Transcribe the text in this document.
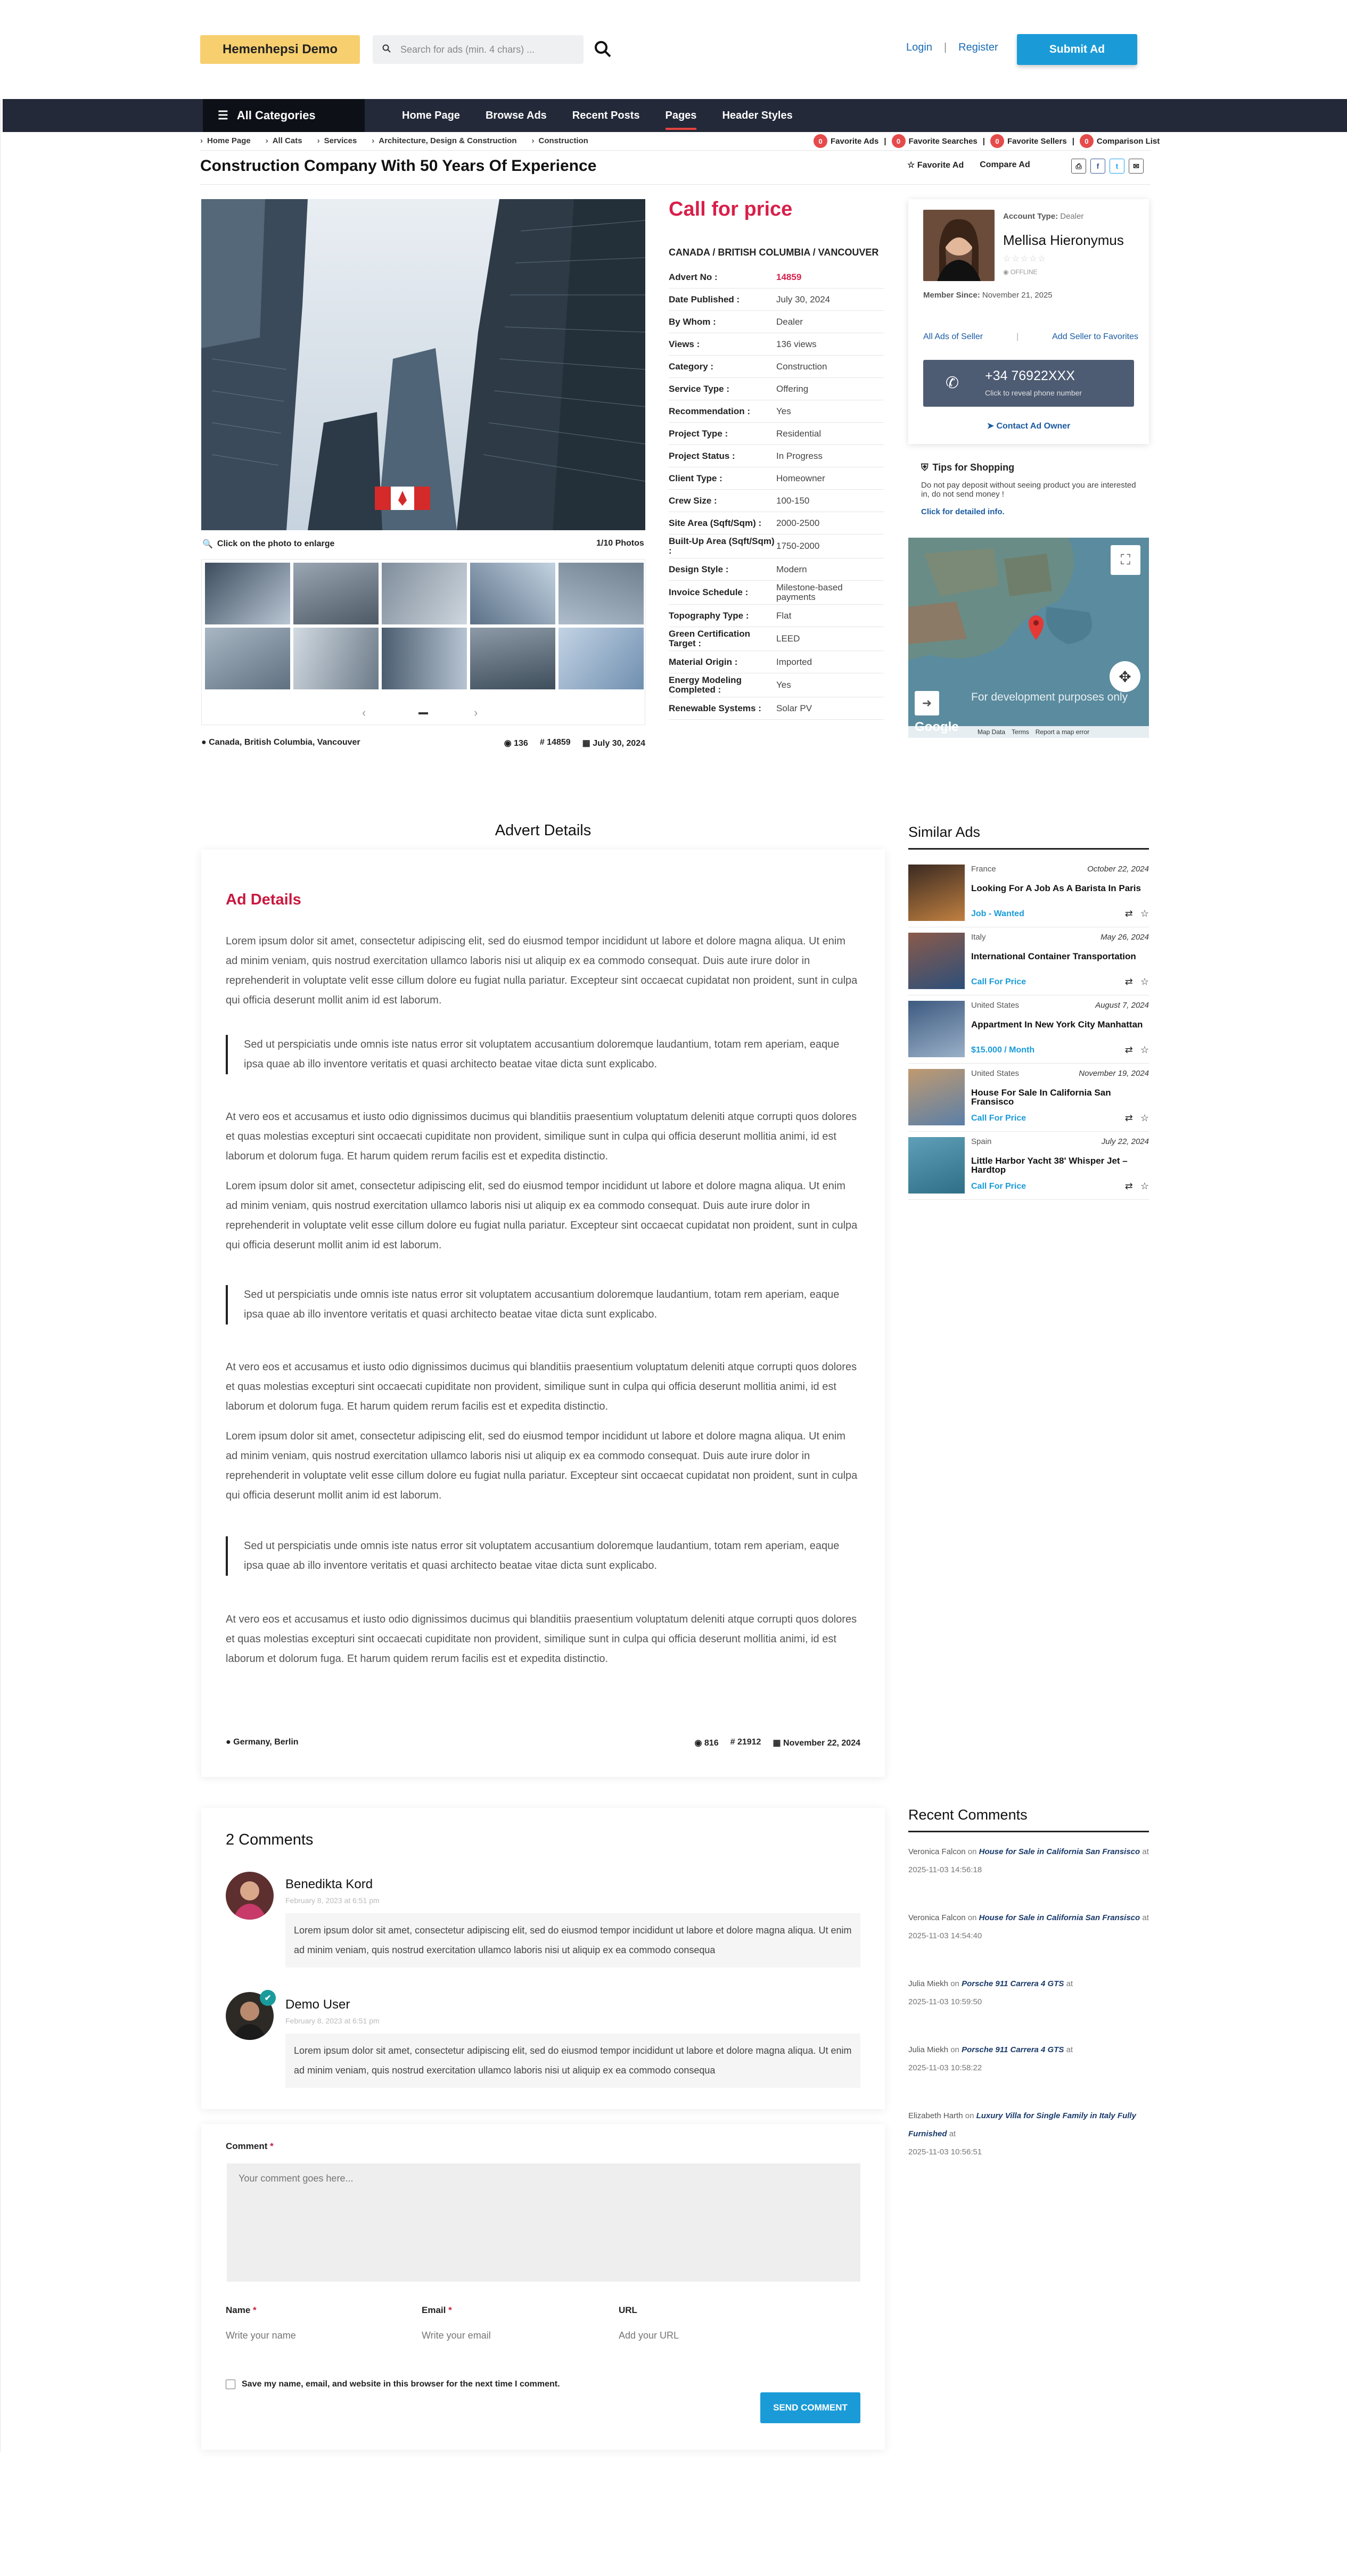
Hemenhepsi Demo	Search for ads (min. 4 chars) ...	Login | Register	Submit Ad
☰ All Categories	Home Page	Browse Ads	Recent Posts	Pages	Header Styles
› Home Page	› All Cats	› Services	› Architecture, Design & Construction	› Construction	0	Favorite Ads |	0	Favorite Searches |	0	Favorite Sellers |	0	Comparison List
Construction Company With 50 Years Of Experience	☆ Favorite Ad Compare Ad	⎙	f	t	✉
🔍 Click on the photo to enlarge	1/10 Photos
‹	›
● Canada, British Columbia, Vancouver	◉ 136 # 14859 ▦ July 30, 2024
Call for price
CANADA / BRITISH COLUMBIA / VANCOUVER
Advert No :	14859
Date Published :	July 30, 2024
By Whom :	Dealer
Views :	136 views
Category :	Construction
Service Type :	Offering
Recommendation :	Yes
Project Type :	Residential
Project Status :	In Progress
Client Type :	Homeowner
Crew Size :	100-150
Site Area (Sqft/Sqm) :	2000-2500
Built-Up Area (Sqft/Sqm) :	1750-2000
Design Style :	Modern
Invoice Schedule :	Milestone-based payments
Topography Type :	Flat
Green Certification Target :	LEED
Material Origin :	Imported
Energy Modeling Completed :	Yes
Renewable Systems :	Solar PV
Account Type: Dealer
Mellisa Hieronymus
☆☆☆☆☆
◉ OFFLINE
Member Since: November 21, 2025
All Ads of Seller	|	Add Seller to Favorites
✆ +34 76922XXX
Click to reveal phone number
➤ Contact Ad Owner
⛨ Tips for Shopping

Do not pay deposit without seeing product you are interested in, do not send money !

Click for detailed info.
⛶
✥
➜	For development purposes only
Map Data Terms Report a map error
Advert Details
Ad Details
Lorem ipsum dolor sit amet, consectetur adipiscing elit, sed do eiusmod tempor incididunt ut labore et dolore magna aliqua. Ut enim ad minim veniam, quis nostrud exercitation ullamco laboris nisi ut aliquip ex ea commodo consequat. Duis aute irure dolor in reprehenderit in voluptate velit esse cillum dolore eu fugiat nulla pariatur. Excepteur sint occaecat cupidatat non proident, sunt in culpa qui officia deserunt mollit anim id est laborum.
Sed ut perspiciatis unde omnis iste natus error sit voluptatem accusantium doloremque laudantium, totam rem aperiam, eaque ipsa quae ab illo inventore veritatis et quasi architecto beatae vitae dicta sunt explicabo.
At vero eos et accusamus et iusto odio dignissimos ducimus qui blanditiis praesentium voluptatum deleniti atque corrupti quos dolores et quas molestias excepturi sint occaecati cupiditate non provident, similique sunt in culpa qui officia deserunt mollitia animi, id est laborum et dolorum fuga. Et harum quidem rerum facilis est et expedita distinctio.
Lorem ipsum dolor sit amet, consectetur adipiscing elit, sed do eiusmod tempor incididunt ut labore et dolore magna aliqua. Ut enim ad minim veniam, quis nostrud exercitation ullamco laboris nisi ut aliquip ex ea commodo consequat. Duis aute irure dolor in reprehenderit in voluptate velit esse cillum dolore eu fugiat nulla pariatur. Excepteur sint occaecat cupidatat non proident, sunt in culpa qui officia deserunt mollit anim id est laborum.
Sed ut perspiciatis unde omnis iste natus error sit voluptatem accusantium doloremque laudantium, totam rem aperiam, eaque ipsa quae ab illo inventore veritatis et quasi architecto beatae vitae dicta sunt explicabo.
At vero eos et accusamus et iusto odio dignissimos ducimus qui blanditiis praesentium voluptatum deleniti atque corrupti quos dolores et quas molestias excepturi sint occaecati cupiditate non provident, similique sunt in culpa qui officia deserunt mollitia animi, id est laborum et dolorum fuga. Et harum quidem rerum facilis est et expedita distinctio.
Lorem ipsum dolor sit amet, consectetur adipiscing elit, sed do eiusmod tempor incididunt ut labore et dolore magna aliqua. Ut enim ad minim veniam, quis nostrud exercitation ullamco laboris nisi ut aliquip ex ea commodo consequat. Duis aute irure dolor in reprehenderit in voluptate velit esse cillum dolore eu fugiat nulla pariatur. Excepteur sint occaecat cupidatat non proident, sunt in culpa qui officia deserunt mollit anim id est laborum.
Sed ut perspiciatis unde omnis iste natus error sit voluptatem accusantium doloremque laudantium, totam rem aperiam, eaque ipsa quae ab illo inventore veritatis et quasi architecto beatae vitae dicta sunt explicabo.
At vero eos et accusamus et iusto odio dignissimos ducimus qui blanditiis praesentium voluptatum deleniti atque corrupti quos dolores et quas molestias excepturi sint occaecati cupiditate non provident, similique sunt in culpa qui officia deserunt mollitia animi, id est laborum et dolorum fuga. Et harum quidem rerum facilis est et expedita distinctio.
● Germany, Berlin	◉ 816 # 21912 ▦ November 22, 2024
Similar Ads
France	October 22, 2024
Looking For A Job As A Barista In Paris
Job - Wanted	⇄ ☆
Italy	May 26, 2024
International Container Transportation
Call For Price	⇄ ☆
United States	August 7, 2024
Appartment In New York City Manhattan
$15.000 / Month	⇄ ☆
United States	November 19, 2024
House For Sale In California San Fransisco
Call For Price	⇄ ☆
Spain	July 22, 2024
Little Harbor Yacht 38' Whisper Jet – Hardtop
Call For Price	⇄ ☆
2 Comments
Benedikta Kord
February 8, 2023 at 6:51 pm
Lorem ipsum dolor sit amet, consectetur adipiscing elit, sed do eiusmod tempor incididunt ut labore et dolore magna aliqua. Ut enim ad minim veniam, quis nostrud exercitation ullamco laboris nisi ut aliquip ex ea commodo consequa
✔	Demo User
February 8, 2023 at 6:51 pm
Lorem ipsum dolor sit amet, consectetur adipiscing elit, sed do eiusmod tempor incididunt ut labore et dolore magna aliqua. Ut enim ad minim veniam, quis nostrud exercitation ullamco laboris nisi ut aliquip ex ea commodo consequa
Comment *
Your comment goes here...
Name *	Email *	URL
Write your name
Write your email
Add your URL
Save my name, email, and website in this browser for the next time I comment.
SEND COMMENT
Recent Comments
Veronica Falcon on House for Sale in California San Fransisco at
2025-11-03 14:56:18
Veronica Falcon on House for Sale in California San Fransisco at
2025-11-03 14:54:40
Julia Miekh on Porsche 911 Carrera 4 GTS at
2025-11-03 10:59:50
Julia Miekh on Porsche 911 Carrera 4 GTS at
2025-11-03 10:58:22
Elizabeth Harth on Luxury Villa for Single Family in Italy Fully Furnished at
2025-11-03 10:56:51
